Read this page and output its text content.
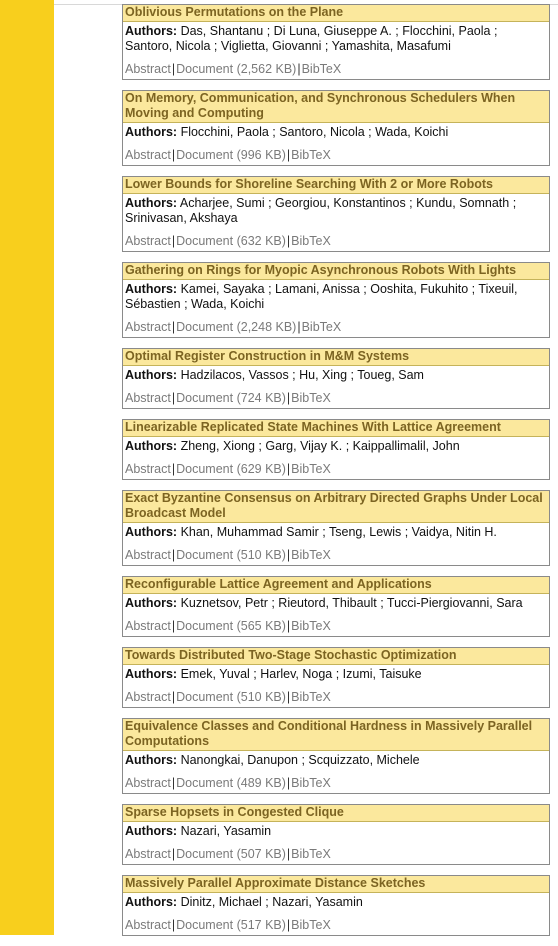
Oblivious Permutations on the Plane
Authors: Das, Shantanu ; Di Luna, Giuseppe A. ; Flocchini, Paola ; Santoro, Nicola ; Viglietta, Giovanni ; Yamashita, Masafumi
Abstract|Document (2,562 KB)|BibTeX
On Memory, Communication, and Synchronous Schedulers When Moving and Computing
Authors: Flocchini, Paola ; Santoro, Nicola ; Wada, Koichi
Abstract|Document (996 KB)|BibTeX
Lower Bounds for Shoreline Searching With 2 or More Robots
Authors: Acharjee, Sumi ; Georgiou, Konstantinos ; Kundu, Somnath ; Srinivasan, Akshaya
Abstract|Document (632 KB)|BibTeX
Gathering on Rings for Myopic Asynchronous Robots With Lights
Authors: Kamei, Sayaka ; Lamani, Anissa ; Ooshita, Fukuhito ; Tixeuil, Sébastien ; Wada, Koichi
Abstract|Document (2,248 KB)|BibTeX
Optimal Register Construction in M&M Systems
Authors: Hadzilacos, Vassos ; Hu, Xing ; Toueg, Sam
Abstract|Document (724 KB)|BibTeX
Linearizable Replicated State Machines With Lattice Agreement
Authors: Zheng, Xiong ; Garg, Vijay K. ; Kaippallimalil, John
Abstract|Document (629 KB)|BibTeX
Exact Byzantine Consensus on Arbitrary Directed Graphs Under Local Broadcast Model
Authors: Khan, Muhammad Samir ; Tseng, Lewis ; Vaidya, Nitin H.
Abstract|Document (510 KB)|BibTeX
Reconfigurable Lattice Agreement and Applications
Authors: Kuznetsov, Petr ; Rieutord, Thibault ; Tucci-Piergiovanni, Sara
Abstract|Document (565 KB)|BibTeX
Towards Distributed Two-Stage Stochastic Optimization
Authors: Emek, Yuval ; Harlev, Noga ; Izumi, Taisuke
Abstract|Document (510 KB)|BibTeX
Equivalence Classes and Conditional Hardness in Massively Parallel Computations
Authors: Nanongkai, Danupon ; Scquizzato, Michele
Abstract|Document (489 KB)|BibTeX
Sparse Hopsets in Congested Clique
Authors: Nazari, Yasamin
Abstract|Document (507 KB)|BibTeX
Massively Parallel Approximate Distance Sketches
Authors: Dinitz, Michael ; Nazari, Yasamin
Abstract|Document (517 KB)|BibTeX
